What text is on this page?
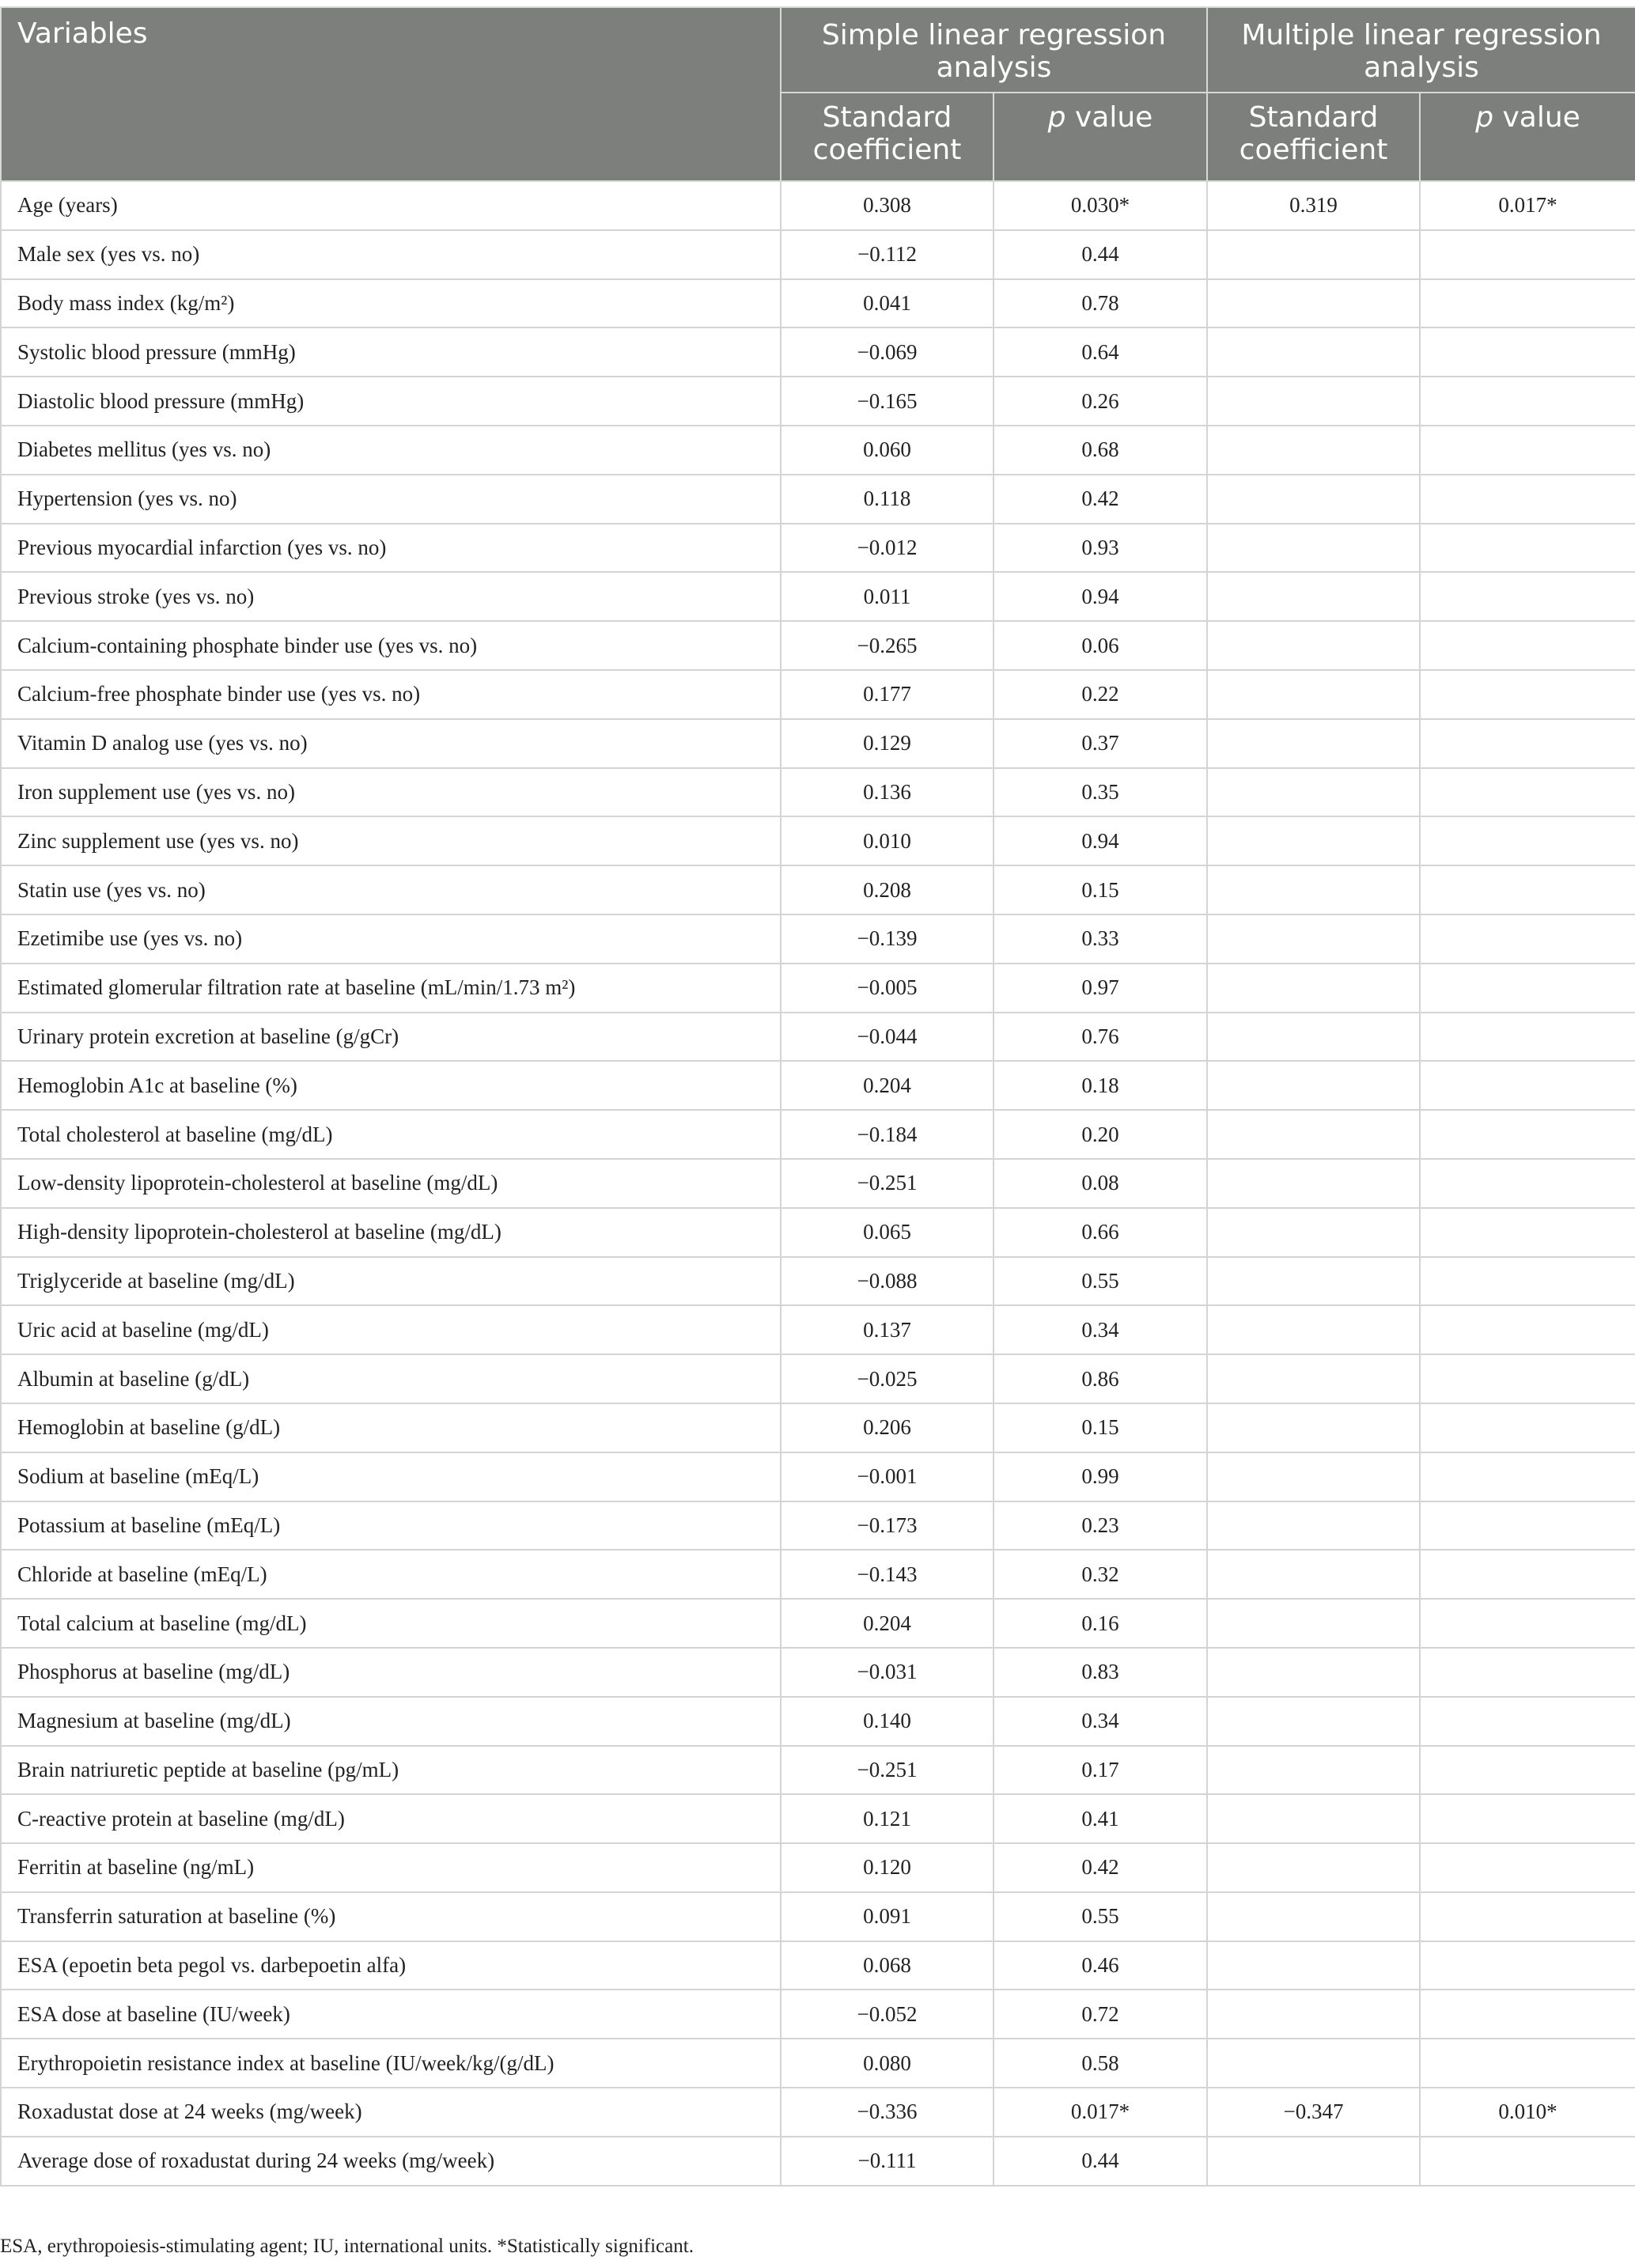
Variables	Simple linear regression analysis		Multiple linear regression analysis	
	Standard coefficient	p value	Standard coefficient	p value
Age (years)	0.308	0.030*	0.319	0.017*
Male sex (yes vs. no)	−0.112	0.44		
Body mass index (kg/m²)	0.041	0.78		
Systolic blood pressure (mmHg)	−0.069	0.64		
Diastolic blood pressure (mmHg)	−0.165	0.26		
Diabetes mellitus (yes vs. no)	0.060	0.68		
Hypertension (yes vs. no)	0.118	0.42		
Previous myocardial infarction (yes vs. no)	−0.012	0.93		
Previous stroke (yes vs. no)	0.011	0.94		
Calcium-containing phosphate binder use (yes vs. no)	−0.265	0.06		
Calcium-free phosphate binder use (yes vs. no)	0.177	0.22		
Vitamin D analog use (yes vs. no)	0.129	0.37		
Iron supplement use (yes vs. no)	0.136	0.35		
Zinc supplement use (yes vs. no)	0.010	0.94		
Statin use (yes vs. no)	0.208	0.15		
Ezetimibe use (yes vs. no)	−0.139	0.33		
Estimated glomerular filtration rate at baseline (mL/min/1.73 m²)	−0.005	0.97		
Urinary protein excretion at baseline (g/gCr)	−0.044	0.76		
Hemoglobin A1c at baseline (%)	0.204	0.18		
Total cholesterol at baseline (mg/dL)	−0.184	0.20		
Low-density lipoprotein-cholesterol at baseline (mg/dL)	−0.251	0.08		
High-density lipoprotein-cholesterol at baseline (mg/dL)	0.065	0.66		
Triglyceride at baseline (mg/dL)	−0.088	0.55		
Uric acid at baseline (mg/dL)	0.137	0.34		
Albumin at baseline (g/dL)	−0.025	0.86		
Hemoglobin at baseline (g/dL)	0.206	0.15		
Sodium at baseline (mEq/L)	−0.001	0.99		
Potassium at baseline (mEq/L)	−0.173	0.23		
Chloride at baseline (mEq/L)	−0.143	0.32		
Total calcium at baseline (mg/dL)	0.204	0.16		
Phosphorus at baseline (mg/dL)	−0.031	0.83		
Magnesium at baseline (mg/dL)	0.140	0.34		
Brain natriuretic peptide at baseline (pg/mL)	−0.251	0.17		
C-reactive protein at baseline (mg/dL)	0.121	0.41		
Ferritin at baseline (ng/mL)	0.120	0.42		
Transferrin saturation at baseline (%)	0.091	0.55		
ESA (epoetin beta pegol vs. darbepoetin alfa)	0.068	0.46		
ESA dose at baseline (IU/week)	−0.052	0.72		
Erythropoietin resistance index at baseline (IU/week/kg/(g/dL)	0.080	0.58		
Roxadustat dose at 24 weeks (mg/week)	−0.336	0.017*	−0.347	0.010*
Average dose of roxadustat during 24 weeks (mg/week)	−0.111	0.44		

ESA, erythropoiesis-stimulating agent; IU, international units. *Statistically significant.
